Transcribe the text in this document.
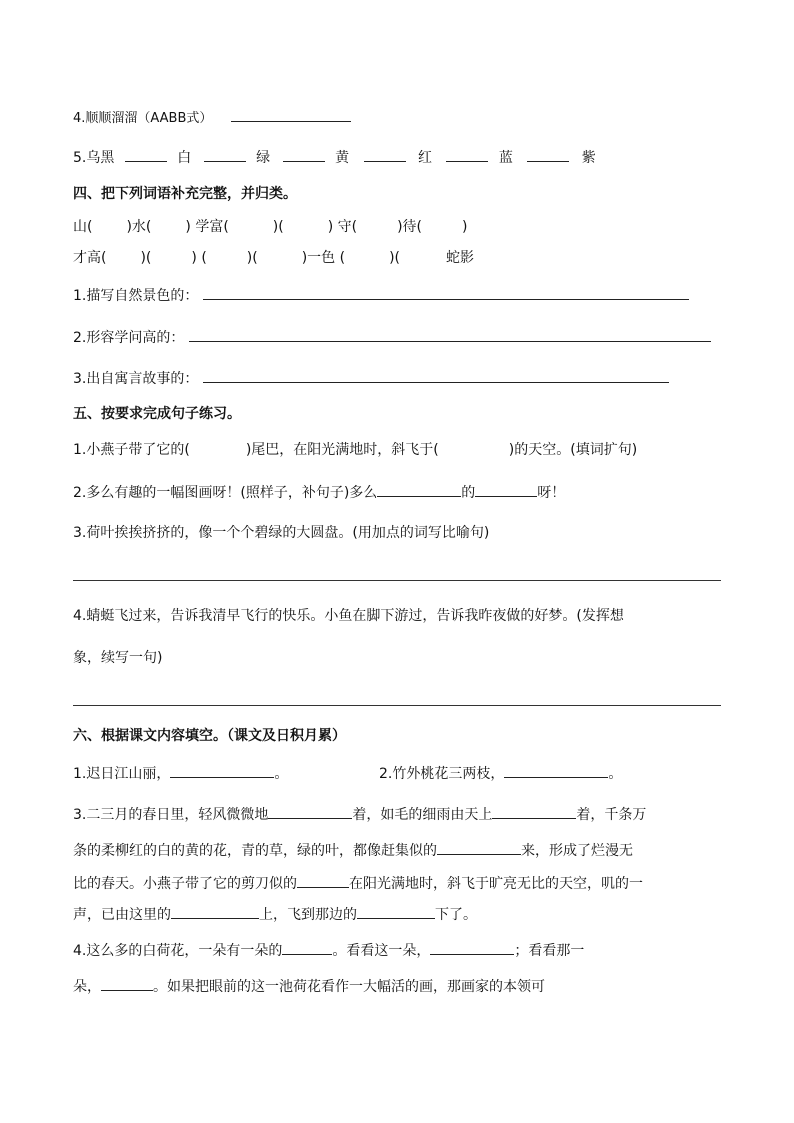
4.顺顺溜溜（AABB式）
5.乌黑	白	绿	黄	红	蓝	紫
四、把下列词语补充完整，并归类。
山( )水( ) 学富(	)(	) 守(	)待(	)
才高( )(	) (	)(	)一色 (	)(	蛇影
1.描写自然景色的：
2.形容学问高的：
3.出自寓言故事的：
五、按要求完成句子练习。
1.小燕子带了它的(	)尾巴，在阳光满地时，斜飞于(	)的天空。(填词扩句)
2.多么有趣的一幅图画呀！(照样子，补句子)多么	的	呀！
3.荷叶挨挨挤挤的，像一个个碧绿的大圆盘。(用加点的词写比喻句)
4.蜻蜓飞过来，告诉我清早飞行的快乐。小鱼在脚下游过，告诉我昨夜做的好梦。(发挥想
象，续写一句)
六、根据课文内容填空。（课文及日积月累）
1.迟日江山丽，	。	2.竹外桃花三两枝，	。
3.二三月的春日里，轻风微微地	着，如毛的细雨由天上	着，千条万
条的柔柳红的白的黄的花，青的草，绿的叶，都像赶集似的	来，形成了烂漫无
比的春天。小燕子带了它的剪刀似的	在阳光满地时，斜飞于旷亮无比的天空，叽的一
声，已由这里的	上，飞到那边的	下了。
4.这么多的白荷花，一朵有一朵的	。看看这一朵，	；看看那一
朵，	。如果把眼前的这一池荷花看作一大幅活的画，那画家的本领可
